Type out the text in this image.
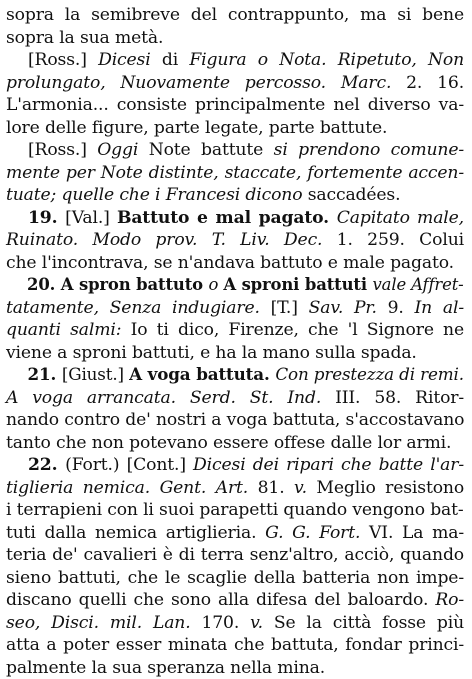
sopra la semibreve del contrappunto, ma si bene
sopra la sua metà.
[Ross.] Dicesi di Figura o Nota. Ripetuto, Non
prolungato, Nuovamente percosso. Marc. 2. 16.
L'armonia... consiste principalmente nel diverso va-
lore delle figure, parte legate, parte battute.
[Ross.] Oggi Note battute si prendono comune-
mente per Note distinte, staccate, fortemente accen-
tuate; quelle che i Francesi dicono saccadées.
19. [Val.] Battuto e mal pagato. Capitato male,
Ruinato. Modo prov. T. Liv. Dec. 1. 259. Colui
che l'incontrava, se n'andava battuto e male pagato.
20. A spron battuto o A sproni battuti vale Affret-
tatamente, Senza indugiare. [T.] Sav. Pr. 9. In al-
quanti salmi: Io ti dico, Firenze, che 'l Signore ne
viene a sproni battuti, e ha la mano sulla spada.
21. [Giust.] A voga battuta. Con prestezza di remi.
A voga arrancata. Serd. St. Ind. III. 58. Ritor-
nando contro de' nostri a voga battuta, s'accostavano
tanto che non potevano essere offese dalle lor armi.
22. (Fort.) [Cont.] Dicesi dei ripari che batte l'ar-
tiglieria nemica. Gent. Art. 81. v. Meglio resistono
i terrapieni con li suoi parapetti quando vengono bat-
tuti dalla nemica artiglieria. G. G. Fort. VI. La ma-
teria de' cavalieri è di terra senz'altro, acciò, quando
sieno battuti, che le scaglie della batteria non impe-
discano quelli che sono alla difesa del baloardo. Ro-
seo, Disci. mil. Lan. 170. v. Se la città fosse più
atta a poter esser minata che battuta, fondar princi-
palmente la sua speranza nella mina.
